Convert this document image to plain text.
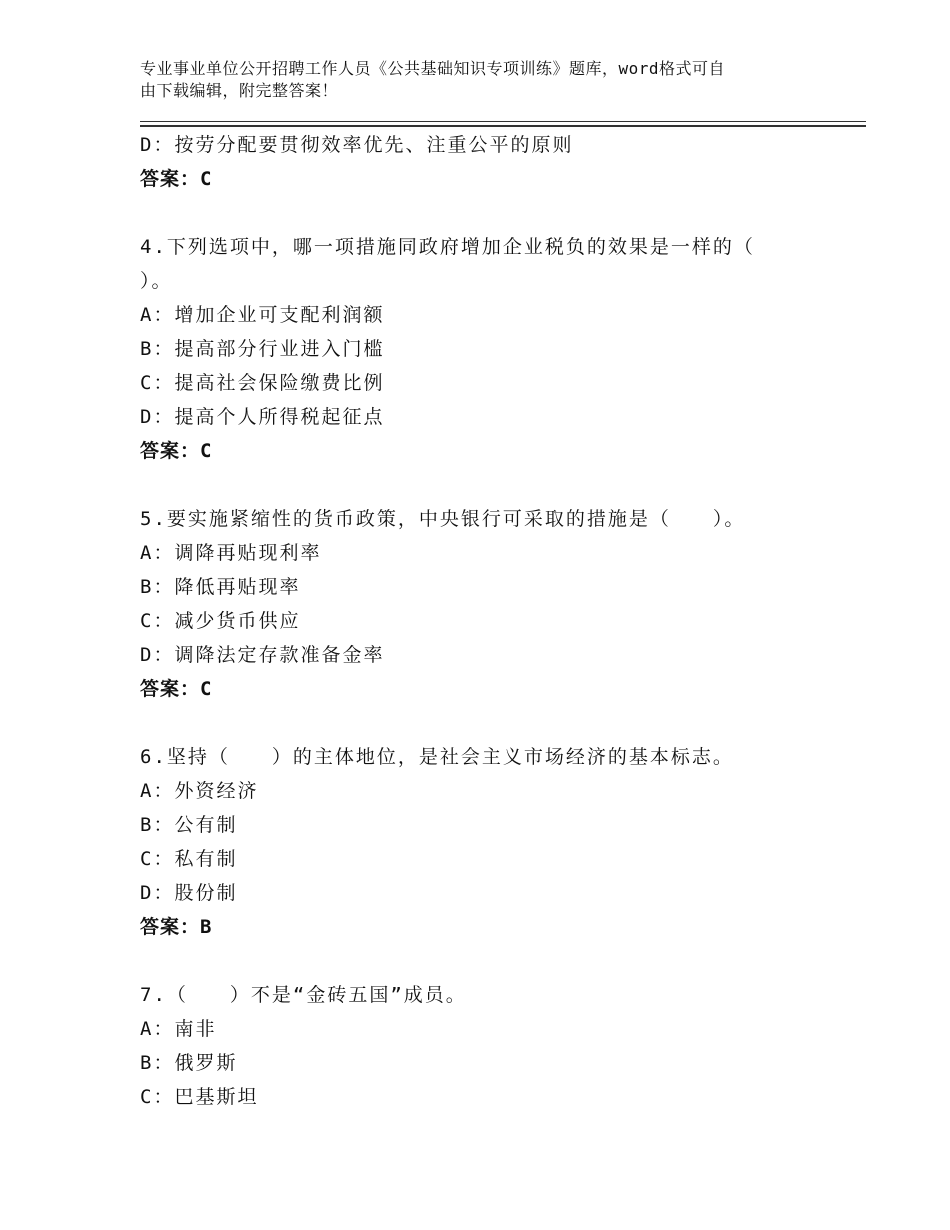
专业事业单位公开招聘工作人员《公共基础知识专项训练》题库，word格式可自
由下载编辑，附完整答案！
D：按劳分配要贯彻效率优先、注重公平的原则
答案：C
4.下列选项中，哪一项措施同政府增加企业税负的效果是一样的（
）。
A：增加企业可支配利润额
B：提高部分行业进入门槛
C：提高社会保险缴费比例
D：提高个人所得税起征点
答案：C
5.要实施紧缩性的货币政策，中央银行可采取的措施是（　　）。
A：调降再贴现利率
B：降低再贴现率
C：减少货币供应
D：调降法定存款准备金率
答案：C
6.坚持（　　）的主体地位，是社会主义市场经济的基本标志。
A：外资经济
B：公有制
C：私有制
D：股份制
答案：B
7.（　　）不是“金砖五国”成员。
A：南非
B：俄罗斯
C：巴基斯坦
